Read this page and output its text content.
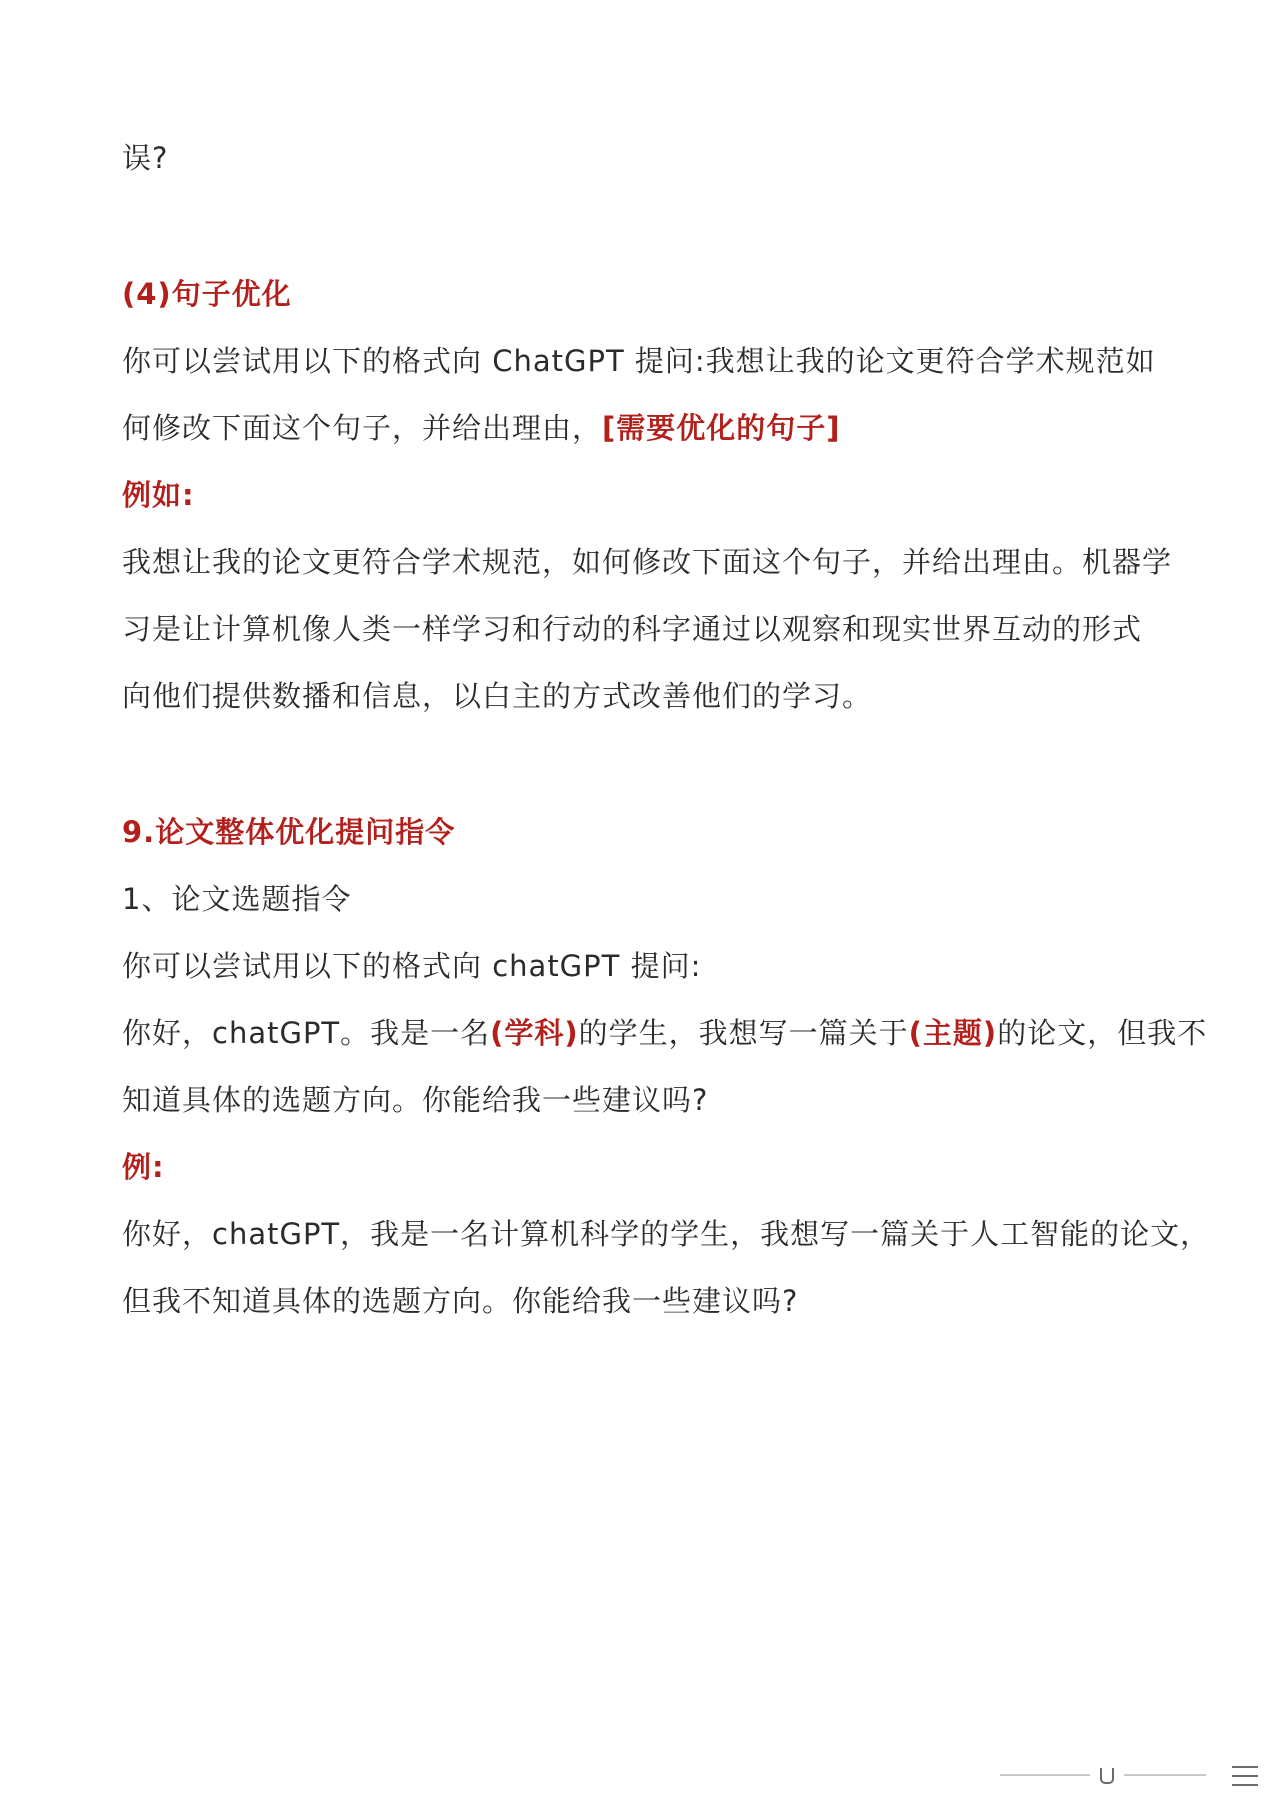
误?
(4)句子优化
你可以尝试用以下的格式向 ChatGPT 提问:我想让我的论文更符合学术规范如
何修改下面这个句子，并给出理由，[需要优化的句子]
例如:
我想让我的论文更符合学术规范，如何修改下面这个句子，并给出理由。机器学
习是让计算机像人类一样学习和行动的科字通过以观察和现实世界互动的形式
向他们提供数播和信息，以白主的方式改善他们的学习。
9.论文整体优化提问指令
1、论文选题指令
你可以尝试用以下的格式向 chatGPT 提问:
你好，chatGPT。我是一名(学科)的学生，我想写一篇关于(主题)的论文，但我不
知道具体的选题方向。你能给我一些建议吗?
例:
你好，chatGPT，我是一名计算机科学的学生，我想写一篇关于人工智能的论文，
但我不知道具体的选题方向。你能给我一些建议吗?
